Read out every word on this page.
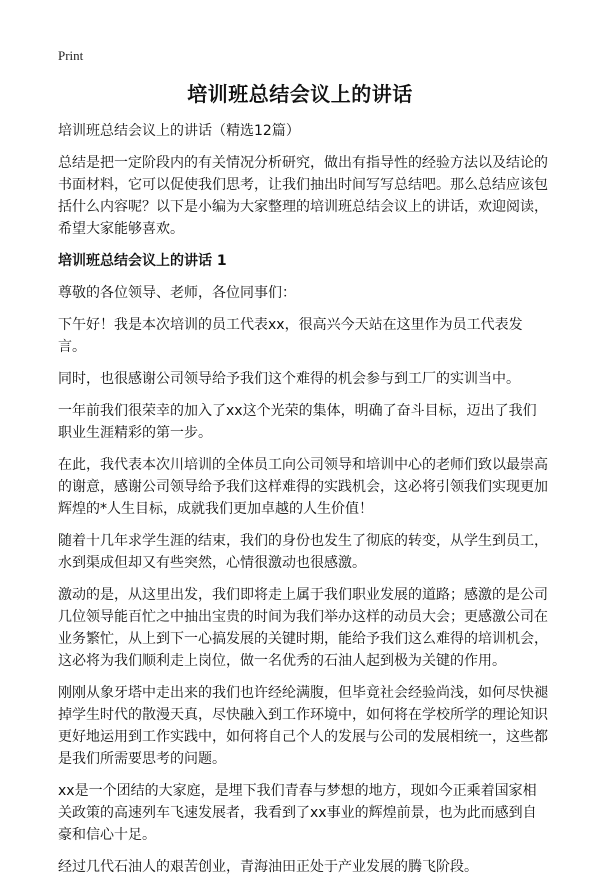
Print
培训班总结会议上的讲话

培训班总结会议上的讲话（精选12篇）

总结是把一定阶段内的有关情况分析研究，做出有指导性的经验方法以及结论的书面材料，它可以促使我们思考，让我们抽出时间写写总结吧。那么总结应该包括什么内容呢？以下是小编为大家整理的培训班总结会议上的讲话，欢迎阅读，希望大家能够喜欢。

培训班总结会议上的讲话 1

尊敬的各位领导、老师，各位同事们：

下午好！我是本次培训的员工代表xx，很高兴今天站在这里作为员工代表发言。

同时，也很感谢公司领导给予我们这个难得的机会参与到工厂的实训当中。

一年前我们很荣幸的加入了xx这个光荣的集体，明确了奋斗目标，迈出了我们职业生涯精彩的第一步。

在此，我代表本次川培训的全体员工向公司领导和培训中心的老师们致以最崇高的谢意，感谢公司领导给予我们这样难得的实践机会，这必将引领我们实现更加辉煌的*人生目标，成就我们更加卓越的人生价值！

随着十几年求学生涯的结束，我们的身份也发生了彻底的转变，从学生到员工，水到渠成但却又有些突然，心情很激动也很感激。

激动的是，从这里出发，我们即将走上属于我们职业发展的道路；感激的是公司几位领导能百忙之中抽出宝贵的时间为我们举办这样的动员大会；更感激公司在业务繁忙，从上到下一心搞发展的关键时期，能给予我们这么难得的培训机会，这必将为我们顺利走上岗位，做一名优秀的石油人起到极为关键的作用。

刚刚从象牙塔中走出来的我们也许经纶满腹，但毕竟社会经验尚浅，如何尽快褪掉学生时代的散漫天真，尽快融入到工作环境中，如何将在学校所学的理论知识更好地运用到工作实践中，如何将自己个人的发展与公司的发展相统一，这些都是我们所需要思考的问题。

xx是一个团结的大家庭，是埋下我们青春与梦想的地方，现如今正乘着国家相关政策的高速列车飞速发展者，我看到了xx事业的辉煌前景，也为此而感到自豪和信心十足。

经过几代石油人的艰苦创业，青海油田正处于产业发展的腾飞阶段。
